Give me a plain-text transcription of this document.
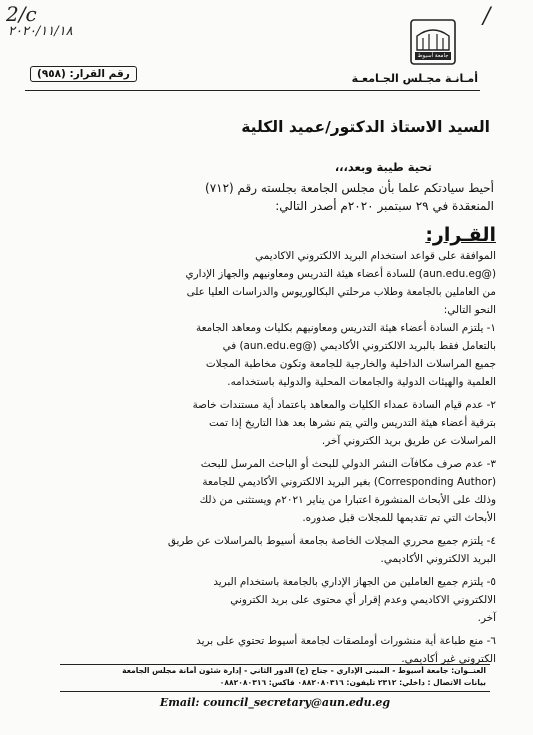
2/c
٢٠٢٠/١١/١٨
/
جامعة أسيوط
أمـانـة مجـلس الجـامعـة
رقم القرار: (٩٥٨)
السيد الاستاذ الدكتور/عميد الكلية
تحية طيبة وبعد،،،
أحيط سيادتكم علما بأن مجلس الجامعة بجلسته رقم (٧١٢)
المنعقدة في ٢٩ سبتمبر ٢٠٢٠م أصدر التالي:
القـرار:
الموافقة على قواعد استخدام البريد الالكتروني الاكاديمي
(@aun.edu.eg) للسادة أعضاء هيئة التدريس ومعاونيهم والجهاز الإداري
من العاملين بالجامعة وطلاب مرحلتي البكالوريوس والدراسات العليا على
النحو التالي:
١- يلتزم السادة أعضاء هيئة التدريس ومعاونيهم بكليات ومعاهد الجامعة
بالتعامل فقط بالبريد الالكتروني الأكاديمي (@aun.edu.eg) في
جميع المراسلات الداخلية والخارجية للجامعة وتكون مخاطبة المجلات
العلمية والهيئات الدولية والجامعات المحلية والدولية باستخدامه.
٢- عدم قيام السادة عمداء الكليات والمعاهد باعتماد أية مستندات خاصة
بترقية أعضاء هيئة التدريس والتي يتم نشرها بعد هذا التاريخ إذا تمت
المراسلات عن طريق بريد الكتروني آخر.
٣- عدم صرف مكافآت النشر الدولي للبحث أو الباحث المرسل للبحث
(Corresponding Author) بغير البريد الالكتروني الأكاديمي للجامعة
وذلك على الأبحاث المنشورة اعتبارا من يناير ٢٠٢١م ويستثنى من ذلك
الأبحاث التي تم تقديمها للمجلات قبل صدوره.
٤- يلتزم جميع محرري المجلات الخاصة بجامعة أسيوط بالمراسلات عن طريق
البريد الالكتروني الأكاديمي.
٥- يلتزم جميع العاملين من الجهاز الإداري بالجامعة باستخدام البريد
الالكتروني الاكاديمي وعدم إقرار أي محتوى على بريد الكتروني
آخر.
٦- منع طباعة أية منشورات أوملصقات لجامعة أسيوط تحتوي على بريد
الكتروني غير أكاديمي.
العنــوان: جامعة أسيوط - المبنى الإداري - جناح (ج) الدور الثاني - إدارة شئون أمانة مجلس الجامعة
بيانات الاتصال : داخلي: ٢٣١٢ تليفون: ٠٨٨٢٠٨٠٣١٦ فاكس: ٠٨٨٢٠٨٠٣١٦
Email: council_secretary@aun.edu.eg
